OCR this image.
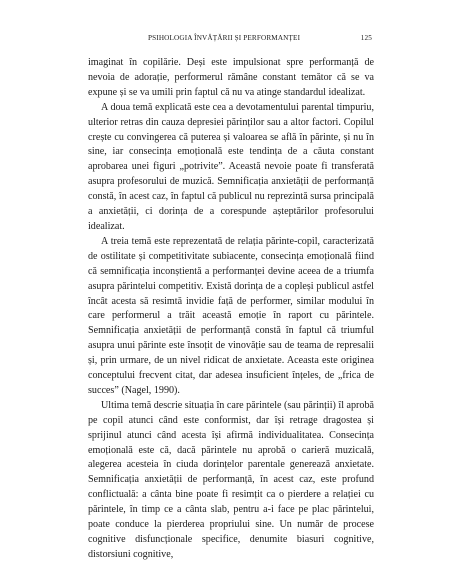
PSIHOLOGIA ÎNVĂȚĂRII ȘI PERFORMANȚEI	125

imaginat în copilărie. Deși este impulsionat spre performanță de nevoia de adorație, performerul rămâne constant temător că se va expune și se va umili prin faptul că nu va atinge standardul idealizat.

A doua temă explicată este cea a devotamentului parental timpuriu, ulterior retras din cauza depresiei părinților sau a altor factori. Copilul crește cu convingerea că puterea și valoarea se află în părinte, și nu în sine, iar consecința emoțională este tendința de a căuta constant aprobarea unei figuri „potrivite”. Această nevoie poate fi transferată asupra profesorului de muzică. Semnificația anxietății de performanță constă, în acest caz, în faptul că publicul nu reprezintă sursa principală a anxietății, ci dorința de a corespunde așteptărilor profesorului idealizat.

A treia temă este reprezentată de relația părinte-copil, caracterizată de ostilitate și competitivitate subiacente, consecința emoțională fiind că semnificația inconștientă a performanței devine aceea de a triumfa asupra părintelui competitiv. Există dorința de a copleși publicul astfel încât acesta să resimtă invidie față de performer, similar modului în care performerul a trăit această emoție în raport cu părintele. Semnificația anxietății de performanță constă în faptul că triumful asupra unui părinte este însoțit de vinovăție sau de teama de represalii și, prin urmare, de un nivel ridicat de anxietate. Aceasta este originea conceptului frecvent citat, dar adesea insuficient înțeles, de „frica de succes” (Nagel, 1990).

Ultima temă descrie situația în care părintele (sau părinții) îl aprobă pe copil atunci când este conformist, dar își retrage dragostea și sprijinul atunci când acesta își afirmă individualitatea. Consecința emoțională este că, dacă părintele nu aprobă o carieră muzicală, alegerea acesteia în ciuda dorințelor parentale generează anxietate. Semnificația anxietății de performanță, în acest caz, este profund conflictuală: a cânta bine poate fi resimțit ca o pierdere a relației cu părintele, în timp ce a cânta slab, pentru a-i face pe plac părintelui, poate conduce la pierderea propriului sine. Un număr de procese cognitive disfuncționale specifice, denumite biasuri cognitive, distorsiuni cognitive,
